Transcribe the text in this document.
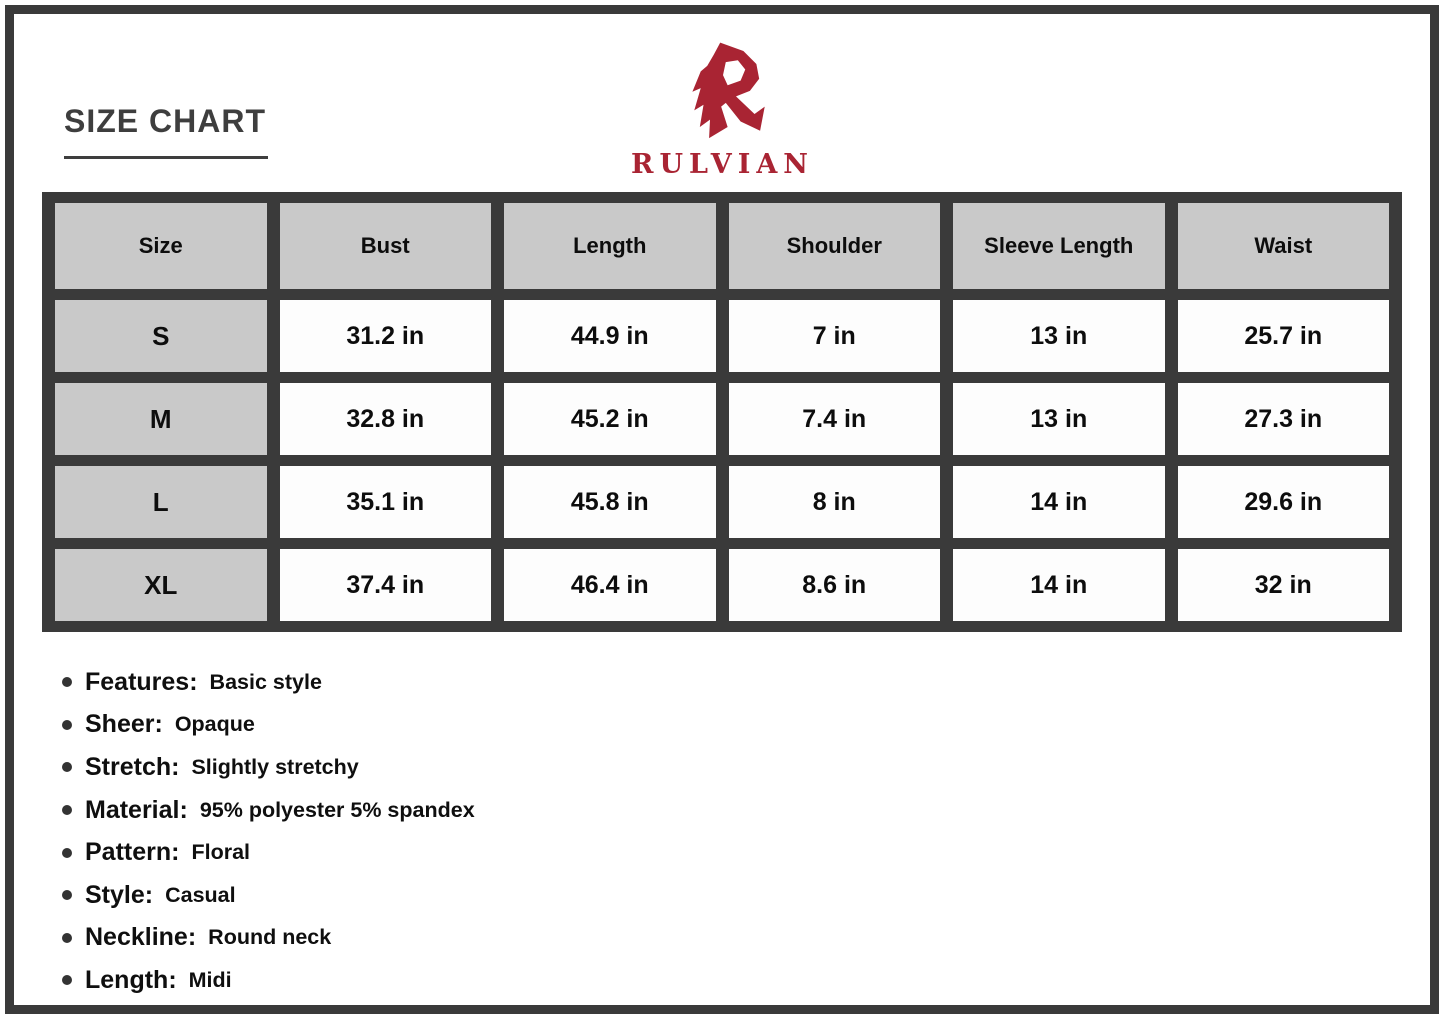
SIZE CHART
RULVIAN
Size	Bust	Length	Shoulder	Sleeve Length	Waist
S	31.2 in	44.9 in	7 in	13 in	25.7 in
M	32.8 in	45.2 in	7.4 in	13 in	27.3 in
L	35.1 in	45.8 in	8 in	14 in	29.6 in
XL	37.4 in	46.4 in	8.6 in	14 in	32 in
Features: Basic style
Sheer: Opaque
Stretch: Slightly stretchy
Material: 95% polyester 5% spandex
Pattern: Floral
Style: Casual
Neckline: Round neck
Length: Midi
